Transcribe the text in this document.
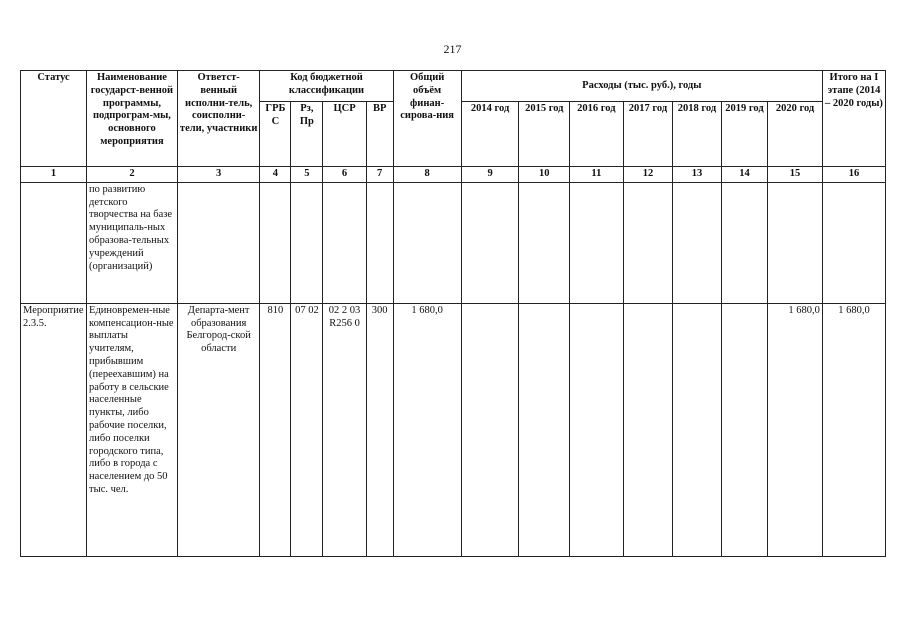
217
Статус	Наименование государст-венной программы, подпрограм-мы, основного мероприятия	Ответст-венный исполни-тель, соисполни-тели, участники	Код бюджетной классификации				Общий объём финан-сирова-ния	Расходы (тыс. руб.), годы							Итого на I этапе (2014 – 2020 годы)
			ГРБ С	Рз, Пр	ЦСР	ВР		2014 год	2015 год	2016 год	2017 год	2018 год	2019 год	2020 год	
1	2	3	4	5	6	7	8	9	10	11	12	13	14	15	16
	по развитию детского творчества на базе муниципаль-ных образова-тельных учреждений (организаций)														
Мероприятие 2.3.5.	Единовремен-ные компенсацион-ные выплаты учителям, прибывшим (переехавшим) на работу в сельские населенные пункты, либо рабочие поселки, либо поселки городского типа, либо в города с населением до 50 тыс. чел.	Департа-мент образования Белгород-ской области	810	07 02	02 2 03 R256 0	300	1 680,0							1 680,0	1 680,0
